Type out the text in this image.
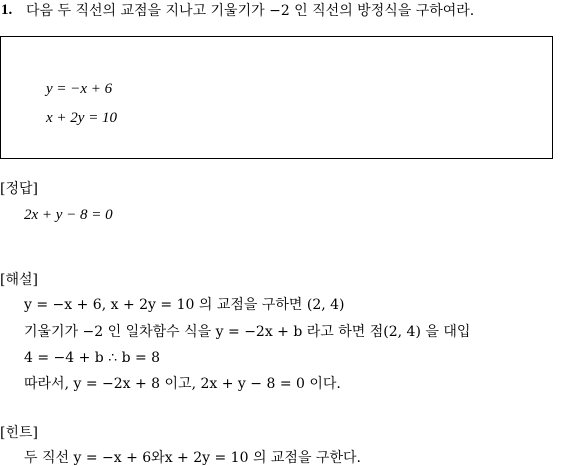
1. 다음 두 직선의 교점을 지나고 기울기가 −2 인 직선의 방정식을 구하여라.
y = −x + 6
x + 2y = 10
[정답]
2x + y − 8 = 0
[해설]
y = −x + 6, x + 2y = 10 의 교점을 구하면 (2, 4)
기울기가 −2 인 일차함수 식을 y = −2x + b 라고 하면 점(2, 4) 을 대입
4 = −4 + b ∴ b = 8
따라서, y = −2x + 8 이고, 2x + y − 8 = 0 이다.
[힌트]
두 직선 y = −x + 6와x + 2y = 10 의 교점을 구한다.
